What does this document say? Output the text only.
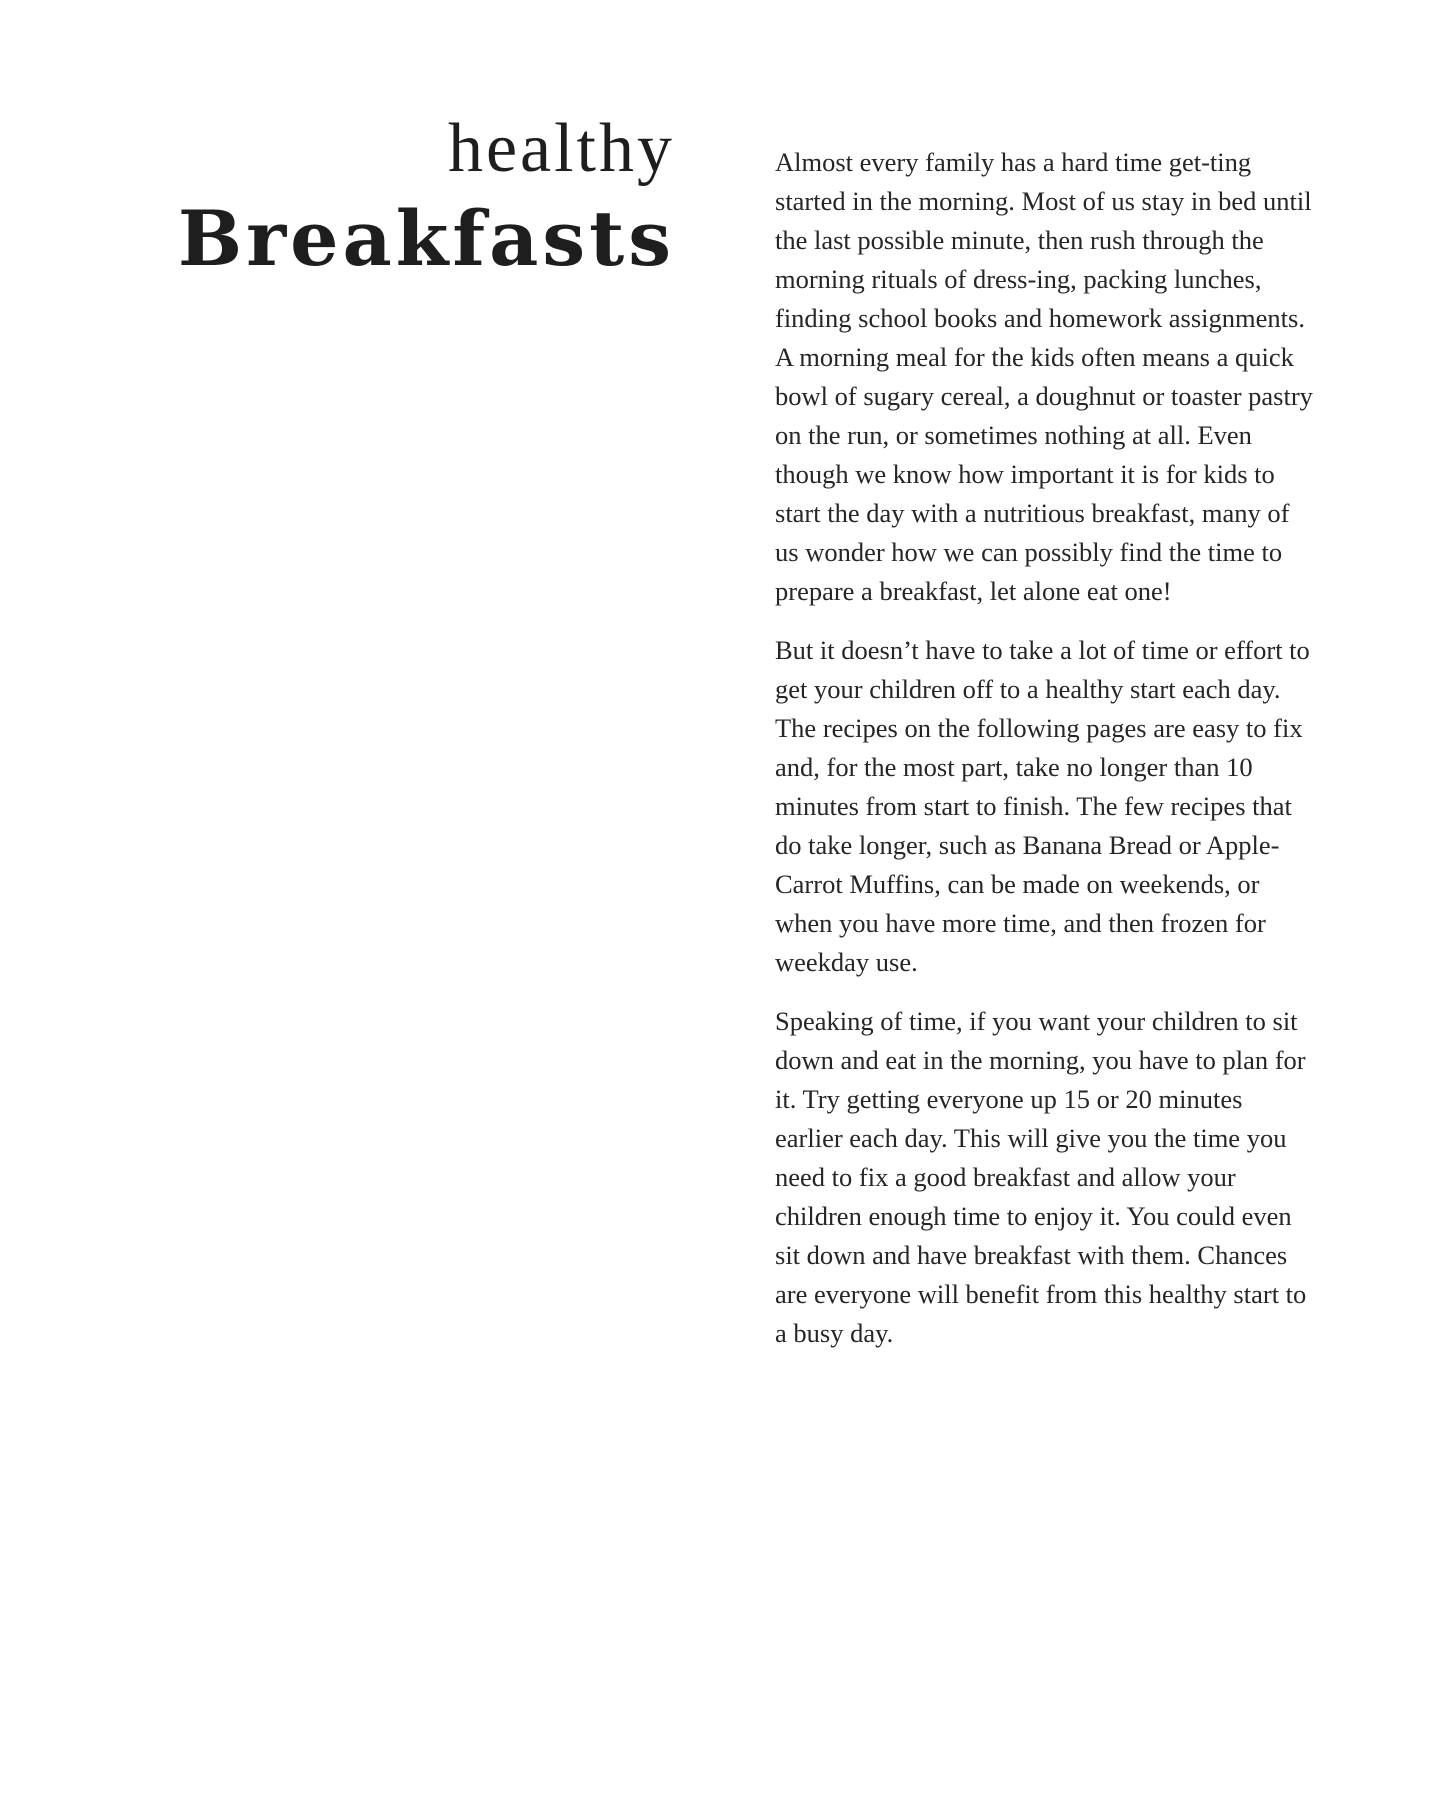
healthy
Breakfasts

Almost every family has a hard time get-ting started in the morning. Most of us stay in bed until the last possible minute, then rush through the morning rituals of dress-ing, packing lunches, finding school books and homework assignments. A morning meal for the kids often means a quick bowl of sugary cereal, a doughnut or toaster pastry on the run, or sometimes nothing at all. Even though we know how important it is for kids to start the day with a nutritious breakfast, many of us wonder how we can possibly find the time to prepare a breakfast, let alone eat one!

But it doesn’t have to take a lot of time or effort to get your children off to a healthy start each day. The recipes on the following pages are easy to fix and, for the most part, take no longer than 10 minutes from start to finish. The few recipes that do take longer, such as Banana Bread or Apple-Carrot Muffins, can be made on weekends, or when you have more time, and then frozen for weekday use.

Speaking of time, if you want your children to sit down and eat in the morning, you have to plan for it. Try getting everyone up 15 or 20 minutes earlier each day. This will give you the time you need to fix a good breakfast and allow your children enough time to enjoy it. You could even sit down and have breakfast with them. Chances are everyone will benefit from this healthy start to a busy day.
